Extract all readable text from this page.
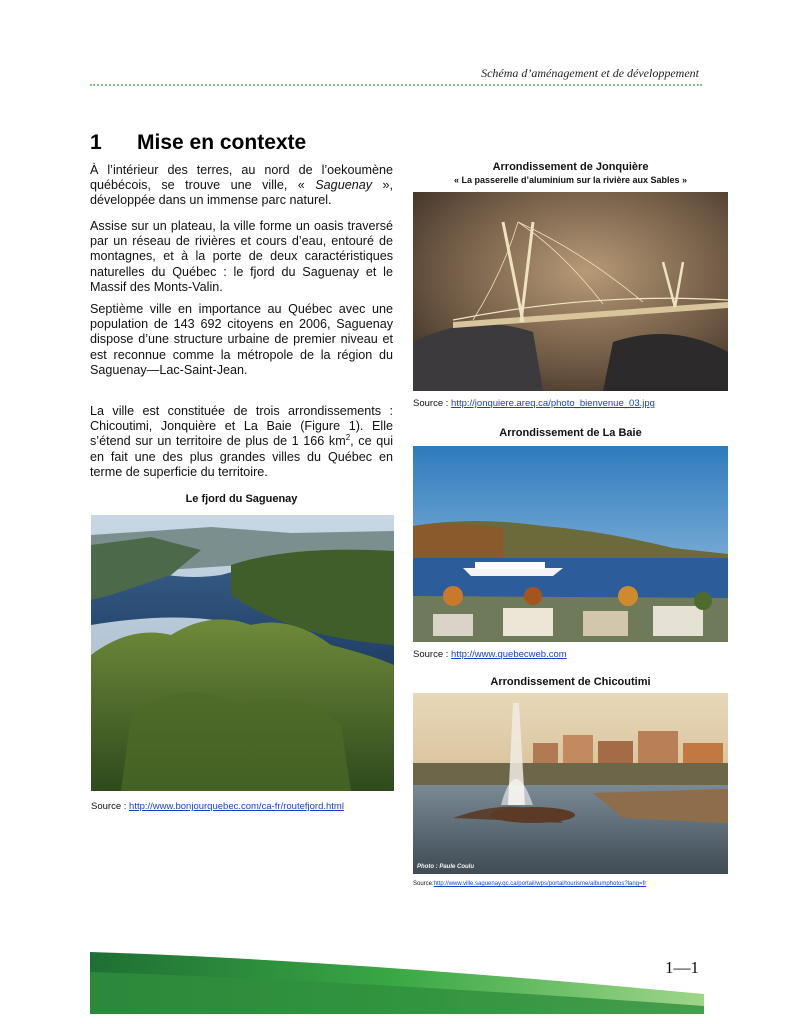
Schéma d’aménagement et de développement
1 Mise en contexte
À l’intérieur des terres, au nord de l’oekoumène québécois, se trouve une ville, « Saguenay », développée dans un immense parc naturel.
Assise sur un plateau, la ville forme un oasis traversé par un réseau de rivières et cours d’eau, entouré de montagnes, et à la porte de deux caractéristiques naturelles du Québec : le fjord du Saguenay et le Massif des Monts-Valin.
Septième ville en importance au Québec avec une population de 143 692 citoyens en 2006, Saguenay dispose d’une structure urbaine de premier niveau et est reconnue comme la métropole de la région du Saguenay—Lac-Saint-Jean.
La ville est constituée de trois arrondissements : Chicoutimi, Jonquière et La Baie (Figure 1). Elle s’étend sur un territoire de plus de 1 166 $km^2$, ce qui en fait une des plus grandes villes du Québec en terme de superficie du territoire.
Le fjord du Saguenay
Source : http://www.bonjourquebec.com/ca-fr/routefjord.html
Arrondissement de Jonquière
« La passerelle d’aluminium sur la rivière aux Sables »
Source : http://jonquiere.areq.ca/photo_bienvenue_03.jpg
Arrondissement de La Baie
Source : http://www.quebecweb.com
Arrondissement de Chicoutimi
Photo : Paule Coulu
Source:http://www.ville.saguenay.qc.ca/portail/wps/portal/tourisme/albumphotos?lang=fr
1—1
